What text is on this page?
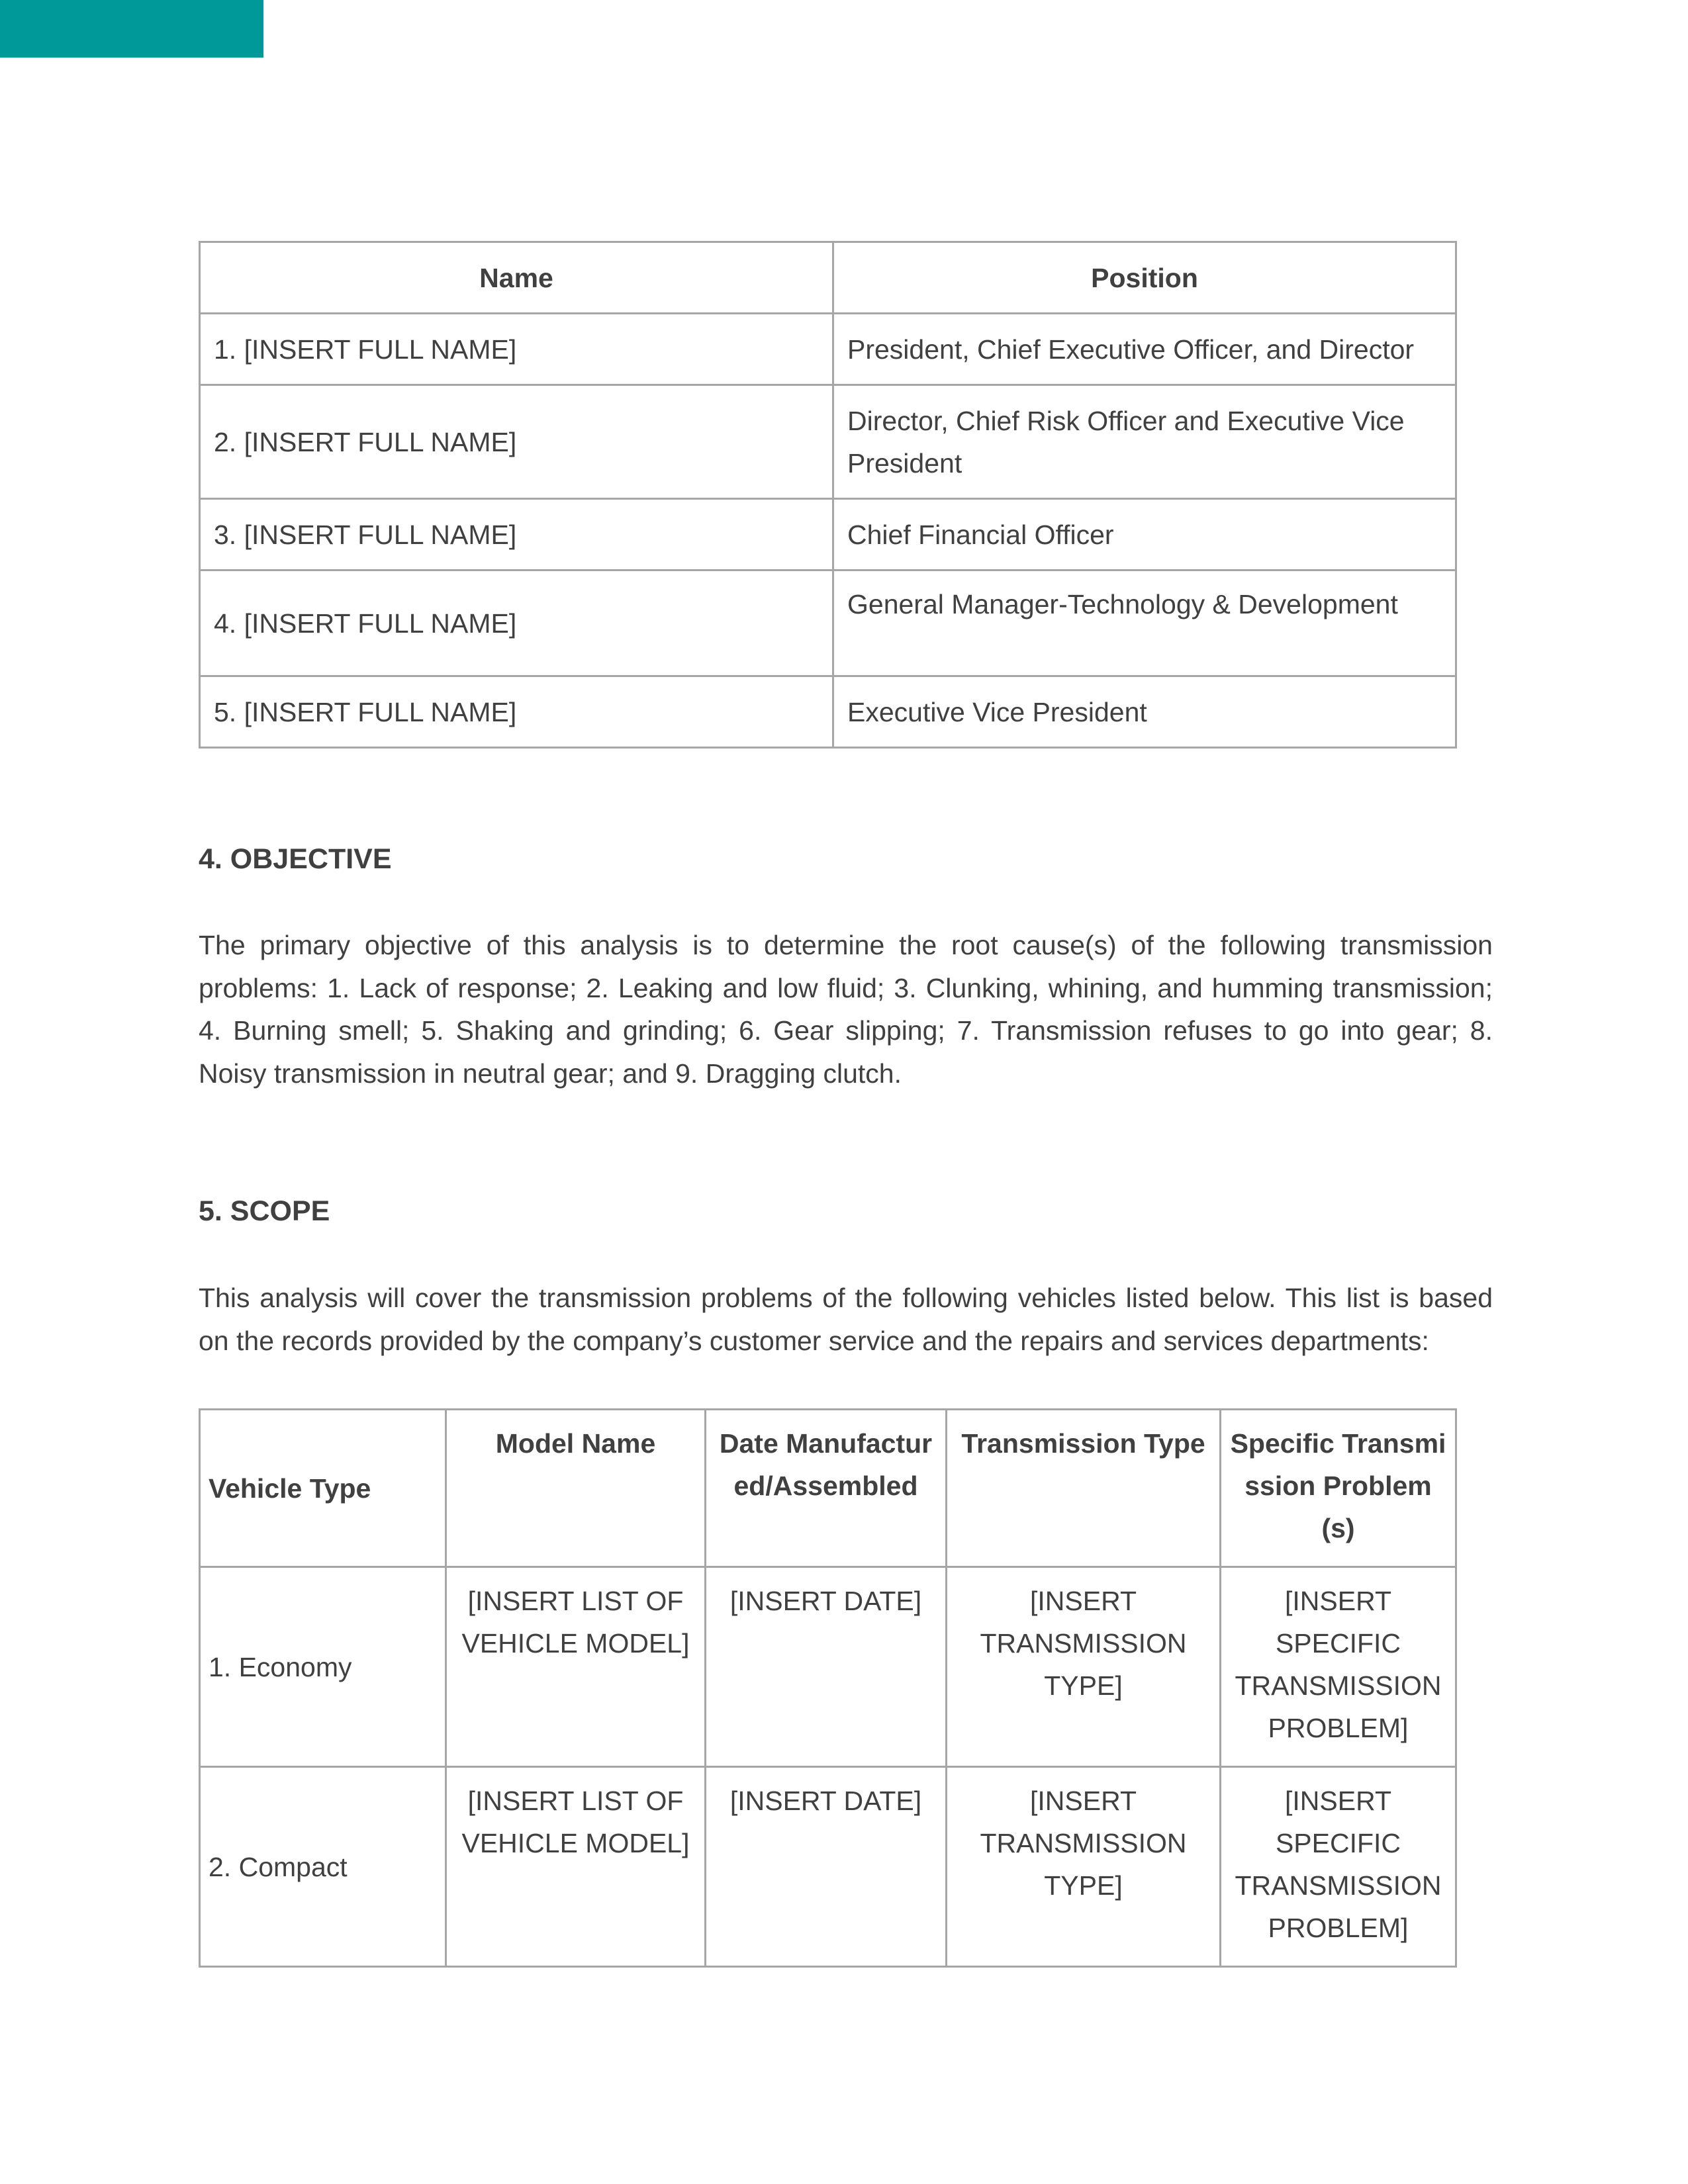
Name	Position
1. [INSERT FULL NAME]	President, Chief Executive Officer, and Director
2. [INSERT FULL NAME]	Director, Chief Risk Officer and Executive Vice President
3. [INSERT FULL NAME]	Chief Financial Officer
4. [INSERT FULL NAME]	General Manager-Technology & Development
5. [INSERT FULL NAME]	Executive Vice President
4. OBJECTIVE
The primary objective of this analysis is to determine the root cause(s) of the following transmission problems: 1. Lack of response; 2. Leaking and low fluid; 3. Clunking, whining, and humming transmission; 4. Burning smell; 5. Shaking and grinding; 6. Gear slipping; 7. Transmission refuses to go into gear; 8. Noisy transmission in neutral gear; and 9. Dragging clutch.
5. SCOPE
This analysis will cover the transmission problems of the following vehicles listed below. This list is based on the records provided by the company’s customer service and the repairs and services departments:
Vehicle Type	Model Name	Date Manufactured/Assembled	Transmission Type	Specific Transmission Problem(s)
1. Economy	[INSERT LIST OF VEHICLE MODEL]	[INSERT DATE]	[INSERT TRANSMISSION TYPE]	[INSERT SPECIFIC TRANSMISSION PROBLEM]
2. Compact	[INSERT LIST OF VEHICLE MODEL]	[INSERT DATE]	[INSERT TRANSMISSION TYPE]	[INSERT SPECIFIC TRANSMISSION PROBLEM]
